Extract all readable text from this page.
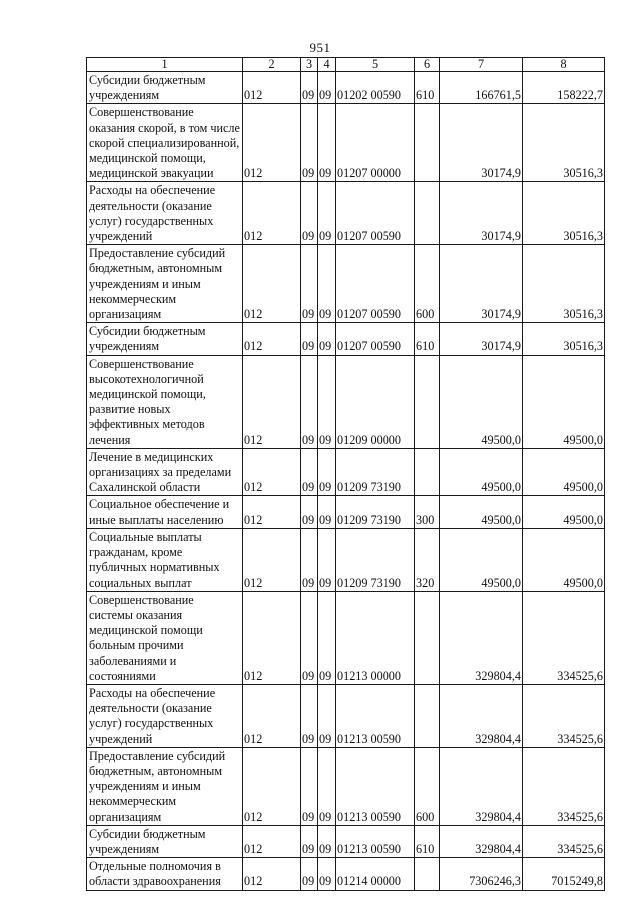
951
1	2	3	4	5	6	7	8
Субсидии бюджетным учреждениям	012	09	09	01202 00590	610	166761,5	158222,7
Совершенствование оказания скорой, в том числе скорой специализированной, медицинской помощи, медицинской эвакуации	012	09	09	01207 00000		30174,9	30516,3
Расходы на обеспечение деятельности (оказание услуг) государственных учреждений	012	09	09	01207 00590		30174,9	30516,3
Предоставление субсидий бюджетным, автономным учреждениям и иным некоммерческим организациям	012	09	09	01207 00590	600	30174,9	30516,3
Субсидии бюджетным учреждениям	012	09	09	01207 00590	610	30174,9	30516,3
Совершенствование высокотехнологичной медицинской помощи, развитие новых эффективных методов лечения	012	09	09	01209 00000		49500,0	49500,0
Лечение в медицинских организациях за пределами Сахалинской области	012	09	09	01209 73190		49500,0	49500,0
Социальное обеспечение и иные выплаты населению	012	09	09	01209 73190	300	49500,0	49500,0
Социальные выплаты гражданам, кроме публичных нормативных социальных выплат	012	09	09	01209 73190	320	49500,0	49500,0
Совершенствование системы оказания медицинской помощи больным прочими заболеваниями и состояниями	012	09	09	01213 00000		329804,4	334525,6
Расходы на обеспечение деятельности (оказание услуг) государственных учреждений	012	09	09	01213 00590		329804,4	334525,6
Предоставление субсидий бюджетным, автономным учреждениям и иным некоммерческим организациям	012	09	09	01213 00590	600	329804,4	334525,6
Субсидии бюджетным учреждениям	012	09	09	01213 00590	610	329804,4	334525,6
Отдельные полномочия в области здравоохранения	012	09	09	01214 00000		7306246,3	7015249,8
